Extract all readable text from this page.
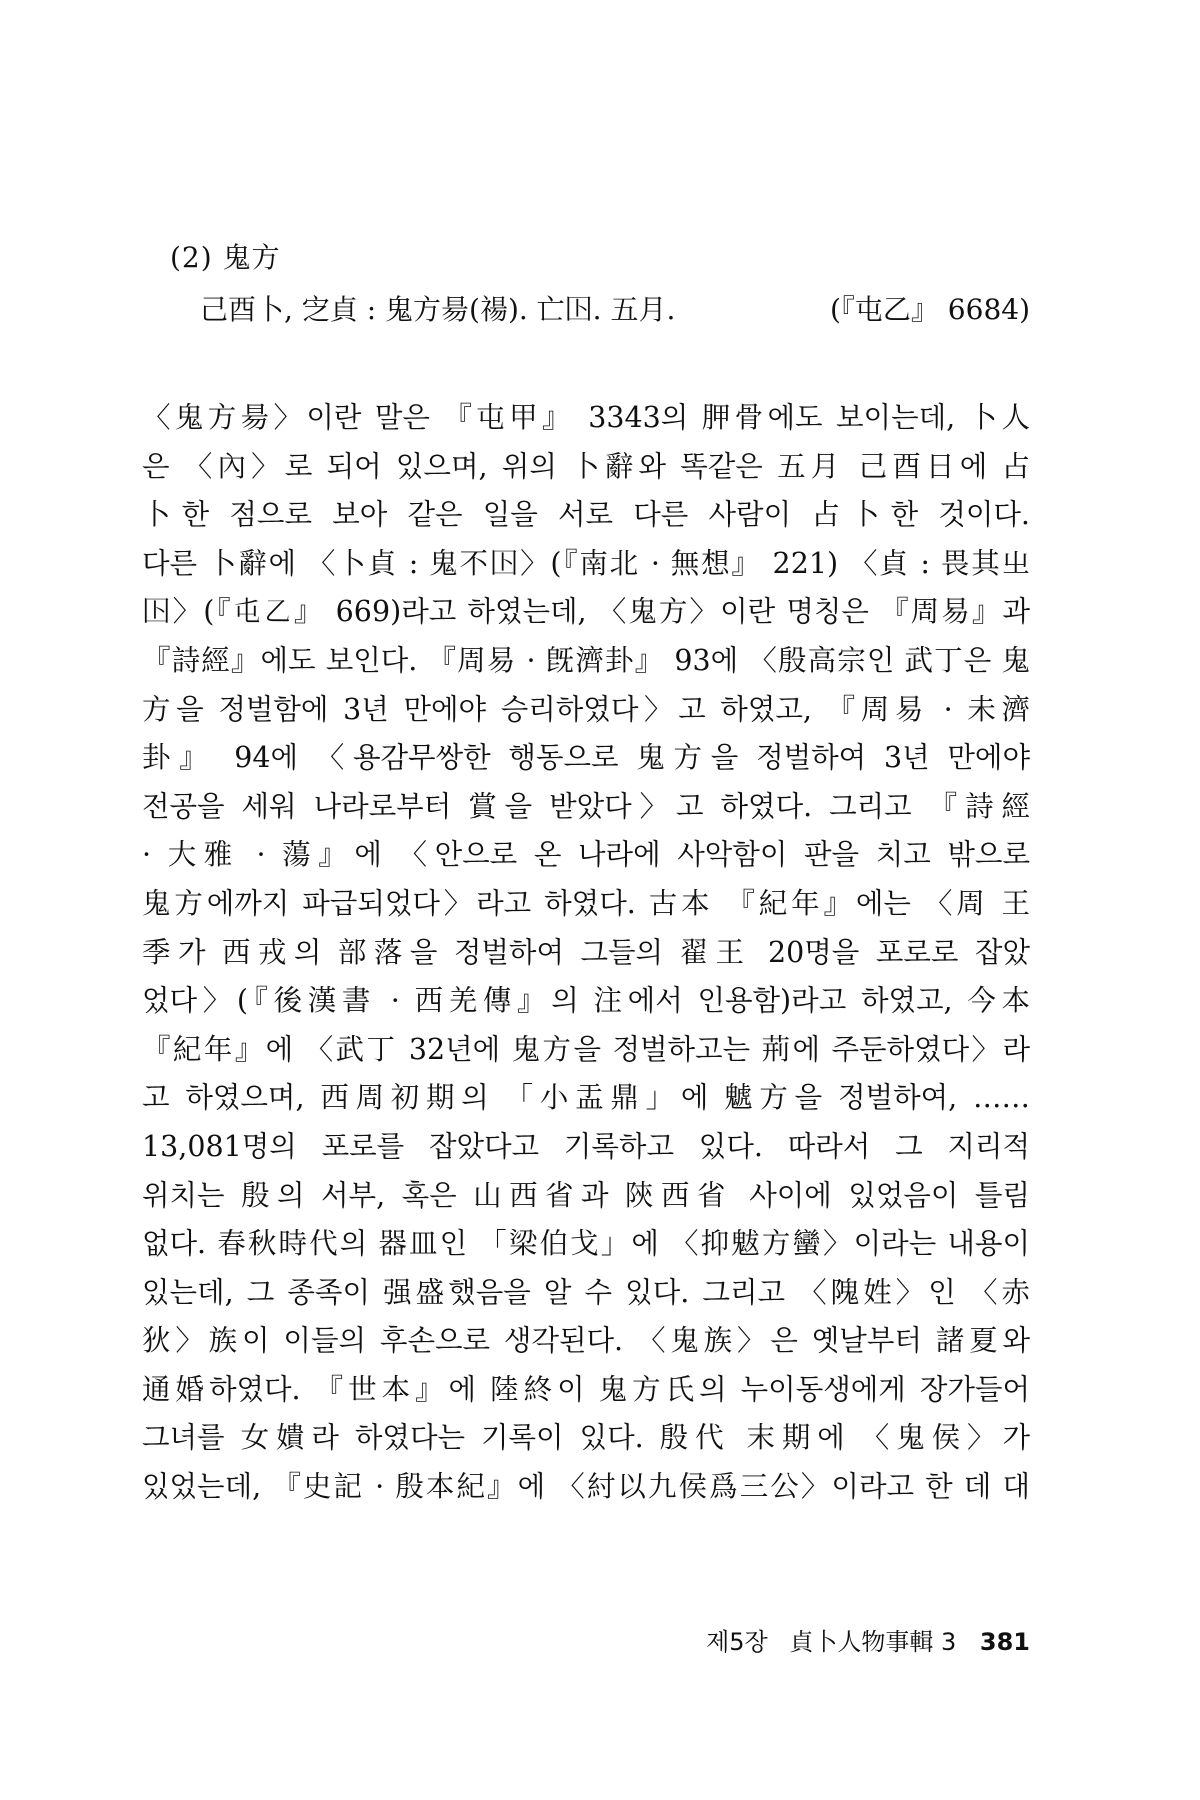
(2) 鬼方
己酉卜, 㝎貞 : 鬼方昜(禓). 亡𡆥. 五月.	(『屯乙』 6684)
〈鬼方昜〉이란 말은 『屯甲』 3343의 胛骨에도 보이는데, 卜人
은 〈內〉로 되어 있으며, 위의 卜辭와 똑같은 五月 己酉日에 占
卜한 점으로 보아 같은 일을 서로 다른 사람이 占卜한 것이다.
다른 卜辭에 〈卜貞 : 鬼不𡆥〉(『南北 · 無想』 221) 〈貞 : 畏其㞢
𡆥〉(『屯乙』 669)라고 하였는데, 〈鬼方〉이란 명칭은 『周易』과
『詩經』에도 보인다. 『周易 · 旣濟卦』 93에 〈殷高宗인 武丁은 鬼
方을 정벌함에 3년 만에야 승리하였다〉고 하였고, 『周易 · 未濟
卦』 94에 〈용감무쌍한 행동으로 鬼方을 정벌하여 3년 만에야
전공을 세워 나라로부터 賞을 받았다〉고 하였다. 그리고 『詩經
· 大雅 · 蕩』에 〈안으로 온 나라에 사악함이 판을 치고 밖으로
鬼方에까지 파급되었다〉라고 하였다. 古本 『紀年』에는 〈周 王
季가 西戎의 部落을 정벌하여 그들의 翟王 20명을 포로로 잡았
었다〉(『後漢書 · 西羌傳』의 注에서 인용함)라고 하였고, 今本
『紀年』에 〈武丁 32년에 鬼方을 정벌하고는 荊에 주둔하였다〉라
고 하였으며, 西周初期의 「小盂鼎」에 䰧方을 정벌하여, ……
13,081명의 포로를 잡았다고 기록하고 있다. 따라서 그 지리적
위치는 殷의 서부, 혹은 山西省과 陝西省 사이에 있었음이 틀림
없다. 春秋時代의 器皿인 「梁伯戈」에 〈抑魃方蠻〉이라는 내용이
있는데, 그 종족이 强盛했음을 알 수 있다. 그리고 〈隗姓〉인 〈赤
狄〉族이 이들의 후손으로 생각된다. 〈鬼族〉은 옛날부터 諸夏와
通婚하였다. 『世本』에 陸終이 鬼方氏의 누이동생에게 장가들어
그녀를 女嬇라 하였다는 기록이 있다. 殷代 末期에 〈鬼侯〉가
있었는데, 『史記 · 殷本紀』에 〈紂以九侯爲三公〉이라고 한 데 대
제5장 貞卜人物事輯 3 381
